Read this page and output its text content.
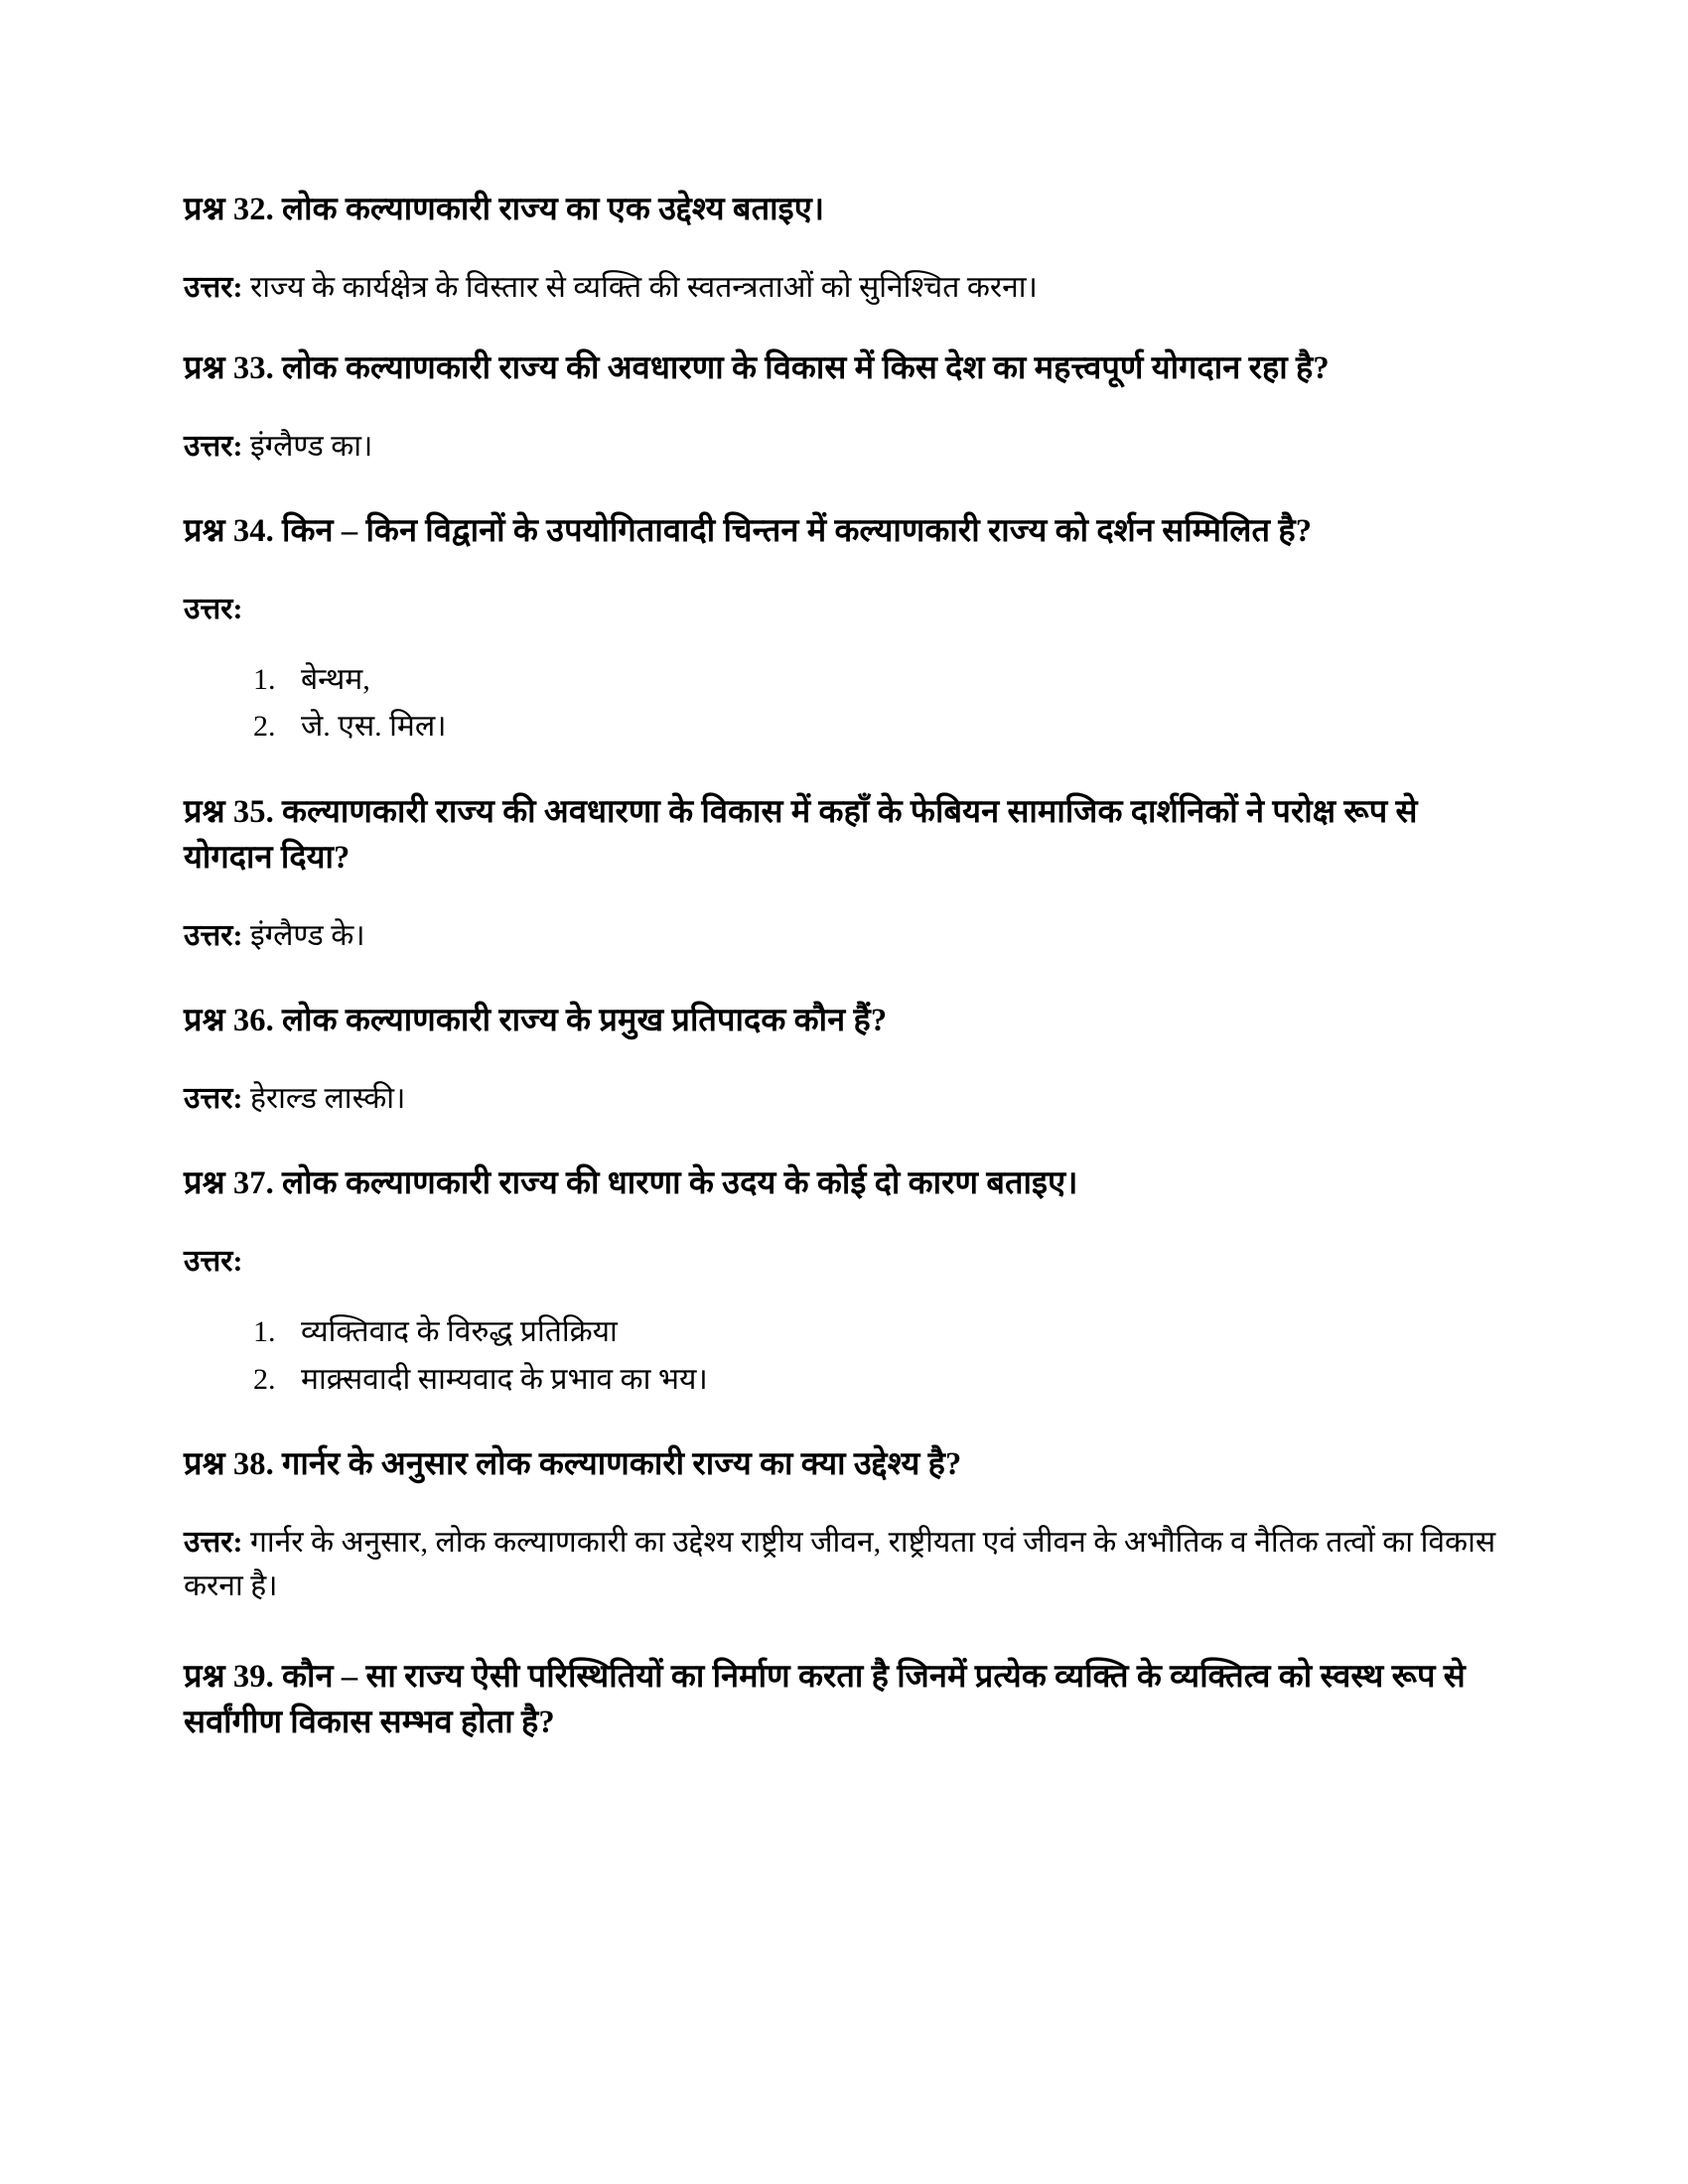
प्रश्न 32. लोक कल्याणकारी राज्य का एक उद्देश्य बताइए।

उत्तर: राज्य के कार्यक्षेत्र के विस्तार से व्यक्ति की स्वतन्त्रताओं को सुनिश्चित करना।

प्रश्न 33. लोक कल्याणकारी राज्य की अवधारणा के विकास में किस देश का महत्त्वपूर्ण योगदान रहा है?

उत्तर: इंग्लैण्ड का।

प्रश्न 34. किन – किन विद्वानों के उपयोगितावादी चिन्तन में कल्याणकारी राज्य को दर्शन सम्मिलित है?

उत्तर:

1. बेन्थम,
2. जे. एस. मिल।

प्रश्न 35. कल्याणकारी राज्य की अवधारणा के विकास में कहाँ के फेबियन सामाजिक दार्शनिकों ने परोक्ष रूप से योगदान दिया?

उत्तर: इंग्लैण्ड के।

प्रश्न 36. लोक कल्याणकारी राज्य के प्रमुख प्रतिपादक कौन हैं?

उत्तर: हेराल्ड लास्की।

प्रश्न 37. लोक कल्याणकारी राज्य की धारणा के उदय के कोई दो कारण बताइए।

उत्तर:

1. व्यक्तिवाद के विरुद्ध प्रतिक्रिया
2. माक्र्सवादी साम्यवाद के प्रभाव का भय।

प्रश्न 38. गार्नर के अनुसार लोक कल्याणकारी राज्य का क्या उद्देश्य है?

उत्तर: गार्नर के अनुसार, लोक कल्याणकारी का उद्देश्य राष्ट्रीय जीवन, राष्ट्रीयता एवं जीवन के अभौतिक व नैतिक तत्वों का विकास करना है।

प्रश्न 39. कौन – सा राज्य ऐसी परिस्थितियों का निर्माण करता है जिनमें प्रत्येक व्यक्ति के व्यक्तित्व को स्वस्थ रूप से सर्वांगीण विकास सम्भव होता है?
